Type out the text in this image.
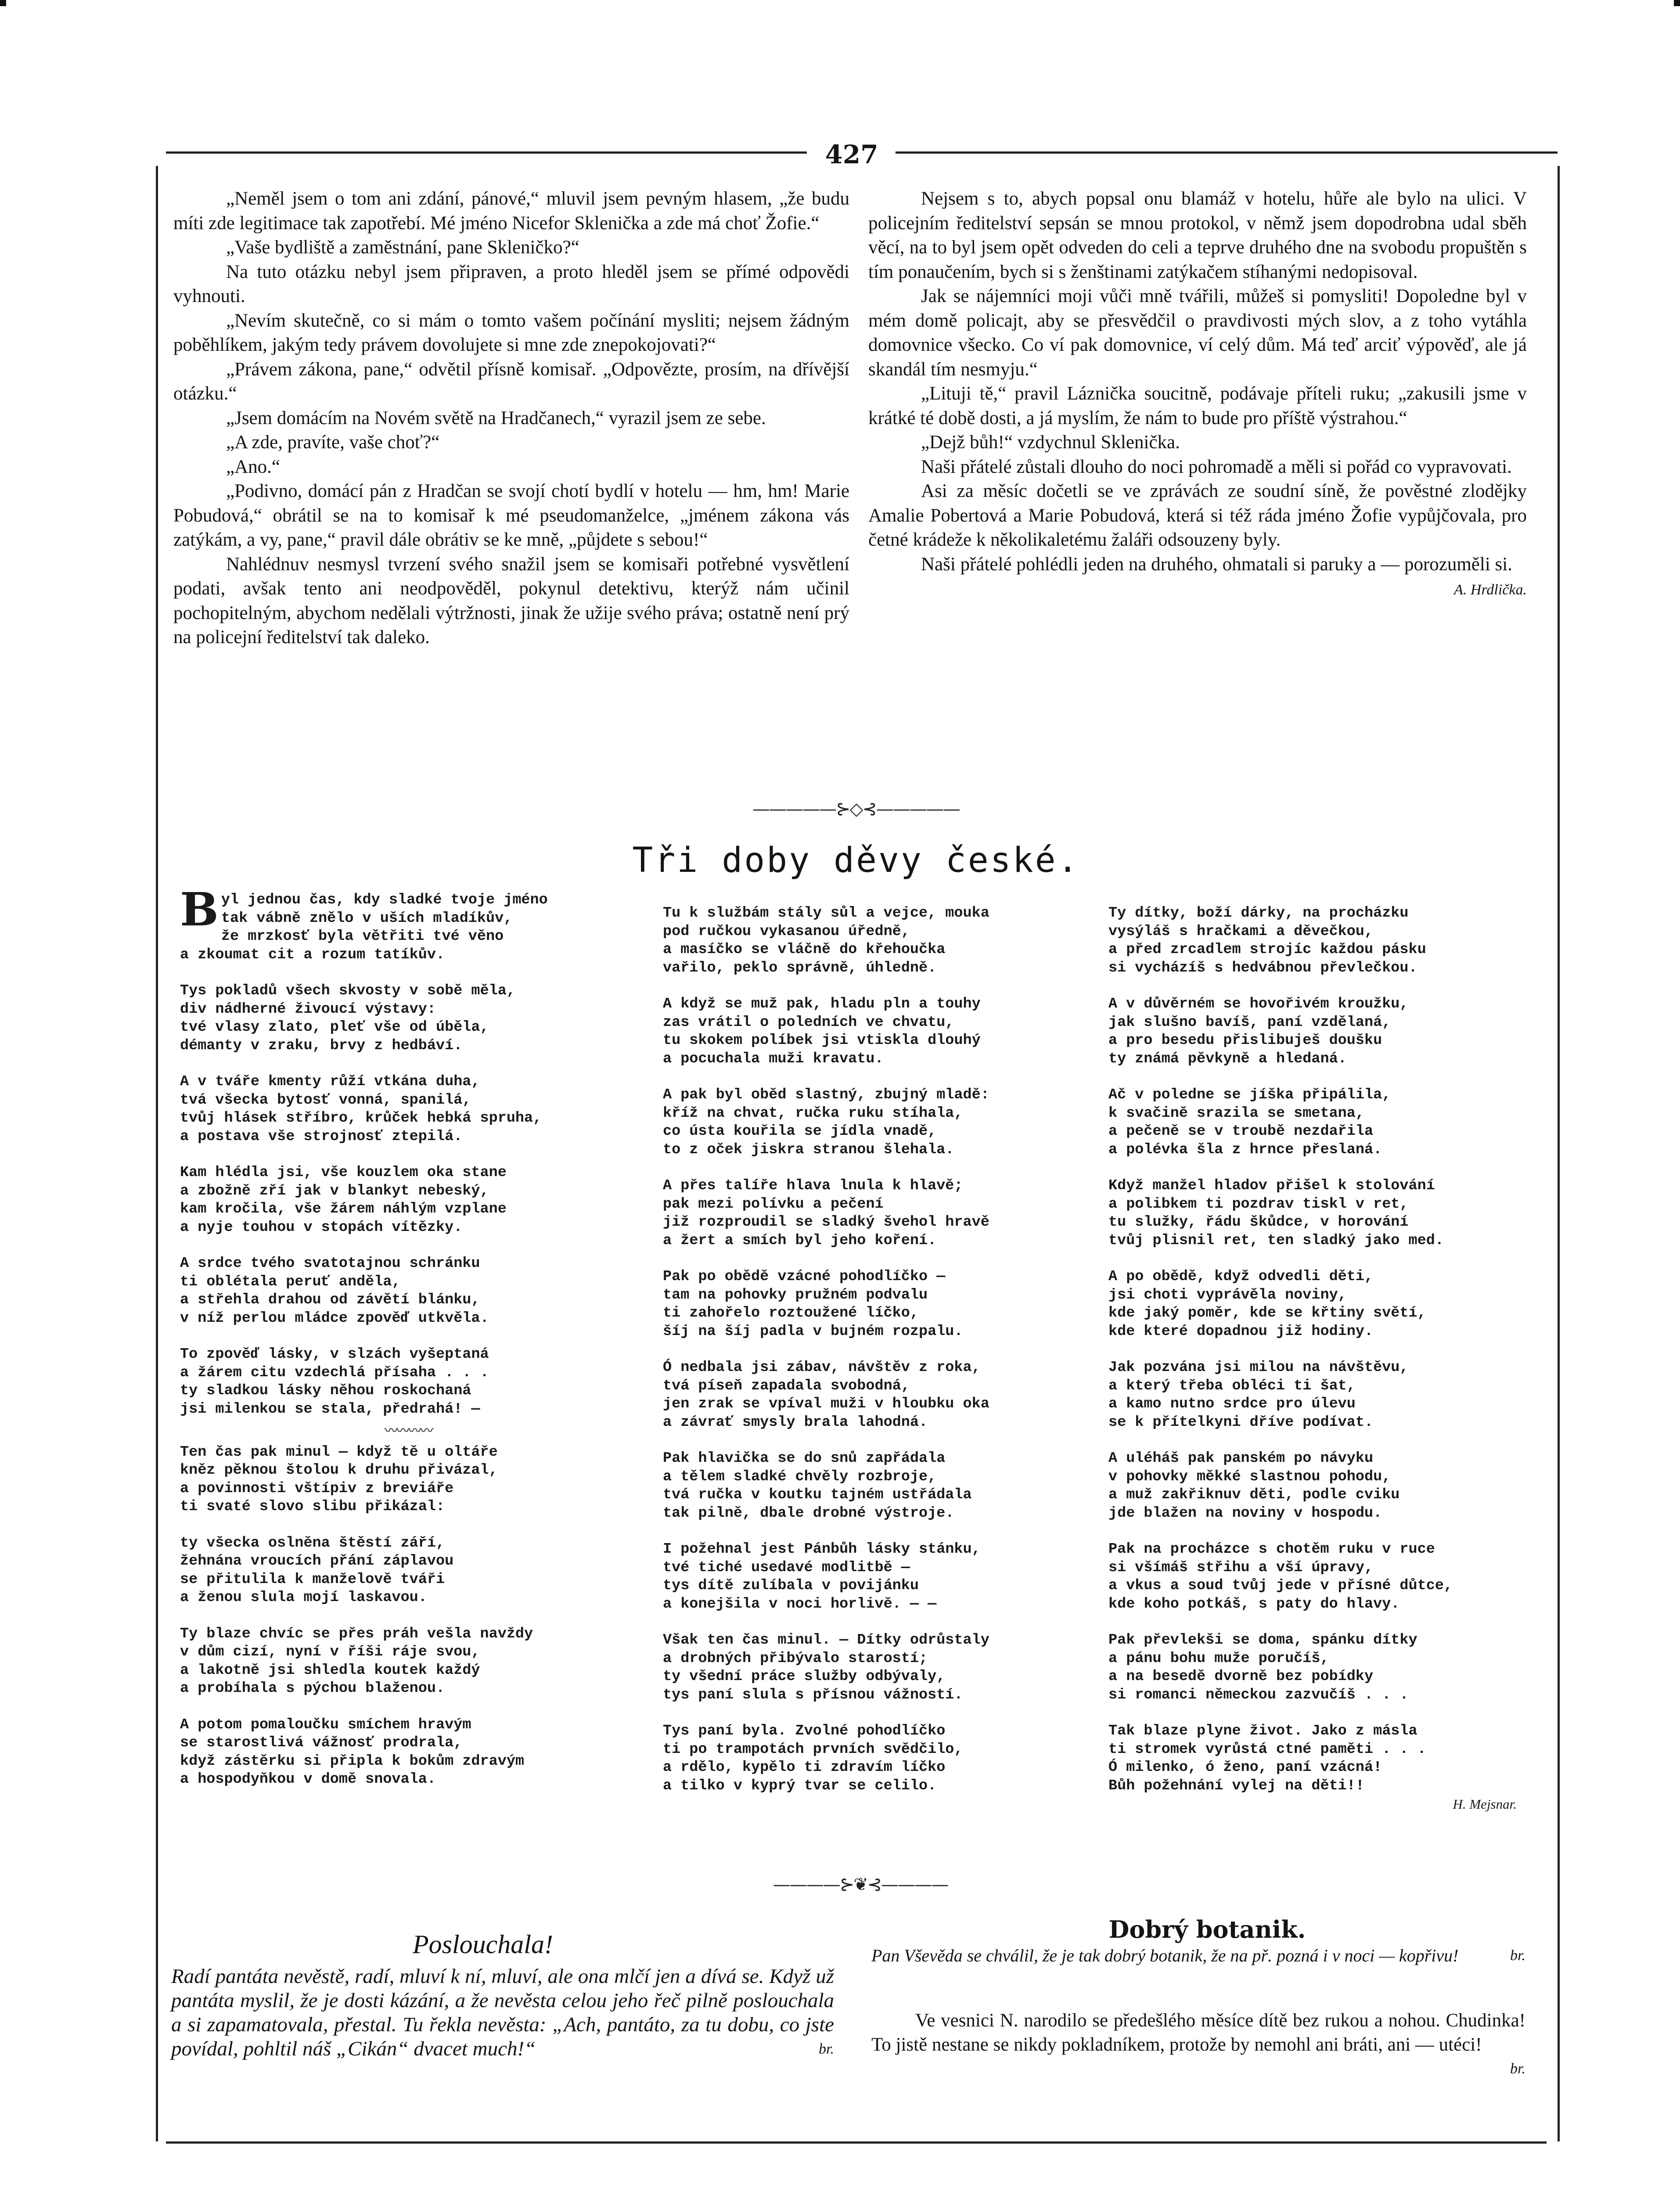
427

„Neměl jsem o tom ani zdání, pánové,“ mluvil jsem pevným hlasem, „že budu míti zde legitimace tak zapotřebí. Mé jméno Nicefor Sklenička a zde má choť Žofie.“

„Vaše bydliště a zaměstnání, pane Skleničko?“

Na tuto otázku nebyl jsem připraven, a proto hleděl jsem se přímé odpovědi vyhnouti.

„Nevím skutečně, co si mám o tomto vašem počínání mysliti; nejsem žádným poběhlíkem, jakým tedy právem dovolujete si mne zde znepokojovati?“

„Právem zákona, pane,“ odvětil přísně komisař. „Odpovězte, prosím, na dřívější otázku.“

„Jsem domácím na Novém světě na Hradčanech,“ vyrazil jsem ze sebe.

„A zde, pravíte, vaše choť?“

„Ano.“

„Podivno, domácí pán z Hradčan se svojí chotí bydlí v hotelu — hm, hm! Marie Pobudová,“ obrátil se na to komisař k mé pseudomanželce, „jménem zákona vás zatýkám, a vy, pane,“ pravil dále obrátiv se ke mně, „půjdete s sebou!“

Nahlédnuv nesmysl tvrzení svého snažil jsem se komisaři potřebné vysvětlení podati, avšak tento ani neodpověděl, pokynul detektivu, kterýž nám učinil pochopitelným, abychom nedělali výtržnosti, jinak že užije svého práva; ostatně není prý na policejní ředitelství tak daleko.

Nejsem s to, abych popsal onu blamáž v hotelu, hůře ale bylo na ulici. V policejním ředitelství sepsán se mnou protokol, v němž jsem dopodrobna udal sběh věcí, na to byl jsem opět odveden do celi a teprve druhého dne na svobodu propuštěn s tím ponaučením, bych si s ženštinami zatýkačem stíhanými nedopisoval.

Jak se nájemníci moji vůči mně tvářili, můžeš si pomysliti! Dopoledne byl v mém domě policajt, aby se přesvědčil o pravdivosti mých slov, a z toho vytáhla domovnice všecko. Co ví pak domovnice, ví celý dům. Má teď arciť výpověď, ale já skandál tím nesmyju.“

„Lituji tě,“ pravil Láznička soucitně, podávaje příteli ruku; „zakusili jsme v krátké té době dosti, a já myslím, že nám to bude pro příště výstrahou.“

„Dejž bůh!“ vzdychnul Sklenička.

Naši přátelé zůstali dlouho do noci pohromadě a měli si pořád co vypravovati.

Asi za měsíc dočetli se ve zprávách ze soudní síně, že pověstné zlodějky Amalie Pobertová a Marie Pobudová, která si též ráda jméno Žofie vypůjčovala, pro četné krádeže k několikaletému žaláři odsouzeny byly.

Naši přátelé pohlédli jeden na druhého, ohmatali si paruky a — porozuměli si.

A. Hrdlička.
—————⊱◇⊰—————
Tři doby děvy české.
B yl jednou čas, kdy sladké tvoje jméno
tak vábně znělo v uších mladíkův,
že mrzkosť byla větřiti tvé věno
a zkoumat cit a rozum tatíkův.
Tys pokladů všech skvosty v sobě měla,
div nádherné živoucí výstavy:
tvé vlasy zlato, pleť vše od úběla,
démanty v zraku, brvy z hedbáví.
A v tváře kmenty růží vtkána duha,
tvá všecka bytosť vonná, spanilá,
tvůj hlásek stříbro, krůček hebká spruha,
a postava vše strojnosť ztepilá.
Kam hlédla jsi, vše kouzlem oka stane
a zbožně zří jak v blankyt nebeský,
kam kročila, vše žárem náhlým vzplane
a nyje touhou v stopách vítězky.
A srdce tvého svatotajnou schránku
ti oblétala peruť anděla,
a střehla drahou od závětí blánku,
v níž perlou mládce zpověď utkvěla.
To zpověď lásky, v slzách vyšeptaná
a žárem citu vzdechlá přísaha . . .
ty sladkou lásky něhou roskochaná
jsi milenkou se stala, předrahá! —
〰〰〰〰
Ten čas pak minul — když tě u oltáře
kněz pěknou štolou k druhu přivázal,
a povinnosti vštípiv z breviáře
ti svaté slovo slibu přikázal:
ty všecka oslněna štěstí září,
žehnána vroucích přání záplavou
se přitulila k manželově tváři
a ženou slula mojí laskavou.
Ty blaze chvíc se přes práh vešla navždy
v dům cizí, nyní v říši ráje svou,
a lakotně jsi shledla koutek každý
a probíhala s pýchou blaženou.
A potom pomaloučku smíchem hravým
se starostlivá vážnosť prodrala,
když zástěrku si připla k bokům zdravým
a hospodyňkou v domě snovala.
Tu k službám stály sůl a vejce, mouka
pod ručkou vykasanou úředně,
a masíčko se vláčně do křehoučka
vařilo, peklo správně, úhledně.
A když se muž pak, hladu pln a touhy
zas vrátil o poledních ve chvatu,
tu skokem políbek jsi vtiskla dlouhý
a pocuchala muži kravatu.
A pak byl oběd slastný, zbujný mladě:
kříž na chvat, ručka ruku stíhala,
co ústa kouřila se jídla vnadě,
to z oček jiskra stranou šlehala.
A přes talíře hlava lnula k hlavě;
pak mezi polívku a pečení
již rozproudil se sladký švehol hravě
a žert a smích byl jeho koření.
Pak po obědě vzácné pohodlíčko —
tam na pohovky pružném podvalu
ti zahořelo roztoužené líčko,
šíj na šíj padla v bujném rozpalu.
Ó nedbala jsi zábav, návštěv z roka,
tvá píseň zapadala svobodná,
jen zrak se vpíval muži v hloubku oka
a závrať smysly brala lahodná.
Pak hlavička se do snů zapřádala
a tělem sladké chvěly rozbroje,
tvá ručka v koutku tajném ustřádala
tak pilně, dbale drobné výstroje.
I požehnal jest Pánbůh lásky stánku,
tvé tiché usedavé modlitbě —
tys dítě zulíbala v povijánku
a konejšila v noci horlivě. — —
Však ten čas minul. — Dítky odrůstaly
a drobných přibývalo starostí;
ty všední práce služby odbývaly,
tys paní slula s přísnou vážností.
Tys paní byla. Zvolné pohodlíčko
ti po trampotách prvních svědčilo,
a rdělo, kypělo ti zdravím líčko
a tilko v kyprý tvar se celilo.
Ty dítky, boží dárky, na procházku
vysýláš s hračkami a děvečkou,
a před zrcadlem strojíc každou pásku
si vycházíš s hedvábnou převlečkou.
A v důvěrném se hovořivém kroužku,
jak slušno bavíš, paní vzdělaná,
a pro besedu přislibuješ doušku
ty známá pěvkyně a hledaná.
Ač v poledne se jíška připálila,
k svačině srazila se smetana,
a pečeně se v troubě nezdařila
a polévka šla z hrnce přeslaná.
Když manžel hladov přišel k stolování
a polibkem ti pozdrav tiskl v ret,
tu služky, řádu škůdce, v horování
tvůj plisnil ret, ten sladký jako med.
A po obědě, když odvedli děti,
jsi choti vyprávěla noviny,
kde jaký poměr, kde se křtiny světí,
kde které dopadnou již hodiny.
Jak pozvána jsi milou na návštěvu,
a který třeba obléci ti šat,
a kamo nutno srdce pro úlevu
se k přítelkyni dříve podívat.
A uléháš pak panském po návyku
v pohovky měkké slastnou pohodu,
a muž zakřiknuv děti, podle cviku
jde blažen na noviny v hospodu.
Pak na procházce s chotěm ruku v ruce
si všímáš střihu a vší úpravy,
a vkus a soud tvůj jede v přísné důtce,
kde koho potkáš, s paty do hlavy.
Pak převlekši se doma, spánku dítky
a pánu bohu muže poručíš,
a na besedě dvorně bez pobídky
si romanci německou zazvučíš . . .
Tak blaze plyne život. Jako z másla
ti stromek vyrůstá ctné paměti . . .
Ó milenko, ó ženo, paní vzácná!
Bůh požehnání vylej na děti!!
H. Mejsnar.
————⊱❦⊰————
Poslouchala!
Radí pantáta nevěstě, radí, mluví k ní, mluví, ale ona mlčí jen a dívá se. Když už pantáta myslil, že je dosti kázání, a že nevěsta celou jeho řeč pilně poslouchala a si zapamatovala, přestal. Tu řekla nevěsta: „Ach, pantáto, za tu dobu, co jste povídal, pohltil náš „Cikán“ dvacet much!“	br.
Dobrý botanik.
Pan Vševěda se chválil, že je tak dobrý botanik, že na př. pozná i v noci — kopřivu!	br.

Ve vesnici N. narodilo se předešlého měsíce dítě bez rukou a nohou. Chudinka! To jistě nestane se nikdy pokladníkem, protože by nemohl ani bráti, ani — utéci!
br.
